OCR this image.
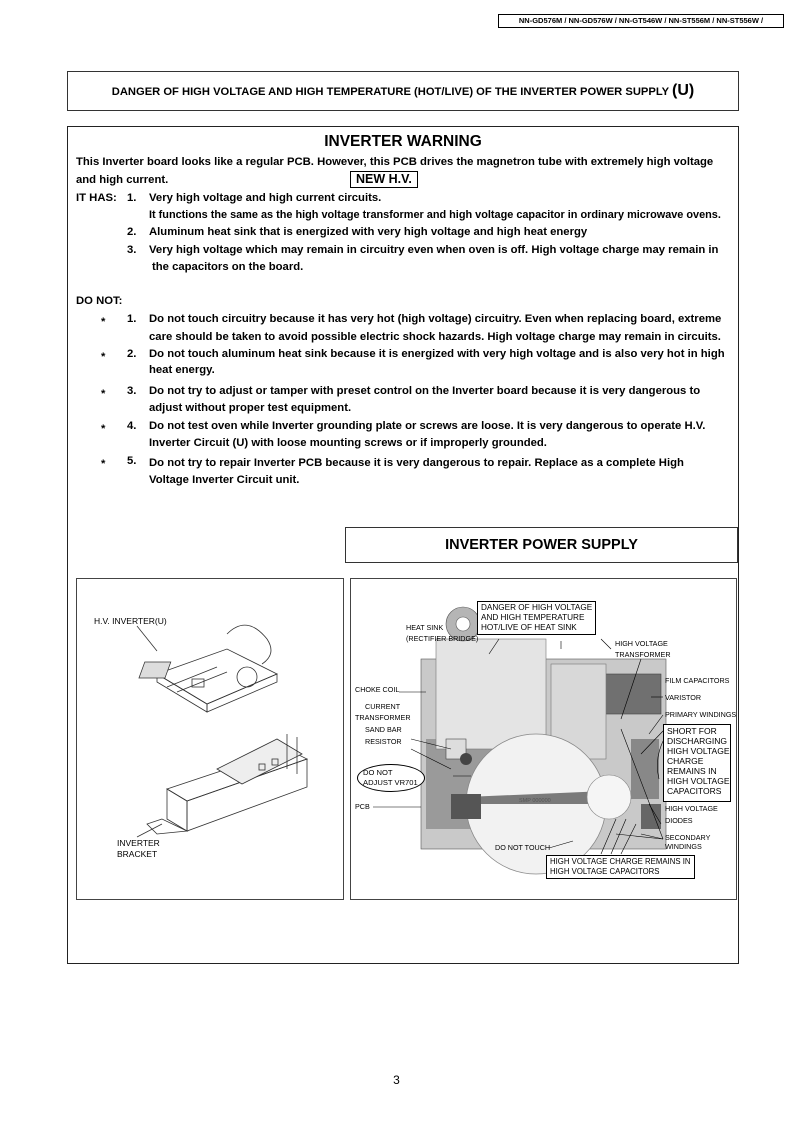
NN-GD576M / NN-GD576W / NN-GT546W / NN-ST556M / NN-ST556W /
DANGER OF HIGH VOLTAGE AND HIGH TEMPERATURE (HOT/LIVE) OF THE INVERTER POWER SUPPLY (U)
INVERTER WARNING
This Inverter board looks like a regular PCB. However, this PCB drives the magnetron tube with extremely high voltage
and high current.	NEW H.V.
IT HAS: 1. Very high voltage and high current circuits.
It functions the same as the high voltage transformer and high voltage capacitor in ordinary microwave ovens.
2. Aluminum heat sink that is energized with very high voltage and high heat energy
3. Very high voltage which may remain in circuitry even when oven is off. High voltage charge may remain in
the capacitors on the board.
DO NOT:
* 1. Do not touch circuitry because it has very hot (high voltage) circuitry. Even when replacing board, extreme
care should be taken to avoid possible electric shock hazards. High voltage charge may remain in circuits.
* 2. Do not touch aluminum heat sink because it is energized with very high voltage and is also very hot in high
heat energy.
* 3. Do not try to adjust or tamper with preset control on the Inverter board because it is very dangerous to
adjust without proper test equipment.
* 4. Do not test oven while Inverter grounding plate or screws are loose. It is very dangerous to operate H.V.
Inverter Circuit (U) with loose mounting screws or if improperly grounded.
* 5. Do not try to repair Inverter PCB because it is very dangerous to repair. Replace as a complete High
Voltage Inverter Circuit unit.
INVERTER POWER SUPPLY
H.V. INVERTER(U)
INVERTER
BRACKET
SMP 000000
DANGER OF HIGH VOLTAGE
AND HIGH TEMPERATURE
HOT/LIVE OF HEAT SINK
HEAT SINK
(RECTIFIER BRIDGE)
HIGH VOLTAGE
TRANSFORMER
FILM CAPACITORS
VARISTOR
PRIMARY WINDINGS
CHOKE COIL
CURRENT
TRANSFORMER
SAND BAR
RESISTOR
DO NOT
ADJUST VR701
PCB
SHORT FOR
DISCHARGING
HIGH VOLTAGE
CHARGE
REMAINS IN
HIGH VOLTAGE
CAPACITORS
HIGH VOLTAGE
DIODES
SECONDARY
WINDINGS
DO NOT TOUCH
HIGH VOLTAGE CHARGE REMAINS IN
HIGH VOLTAGE CAPACITORS
3
